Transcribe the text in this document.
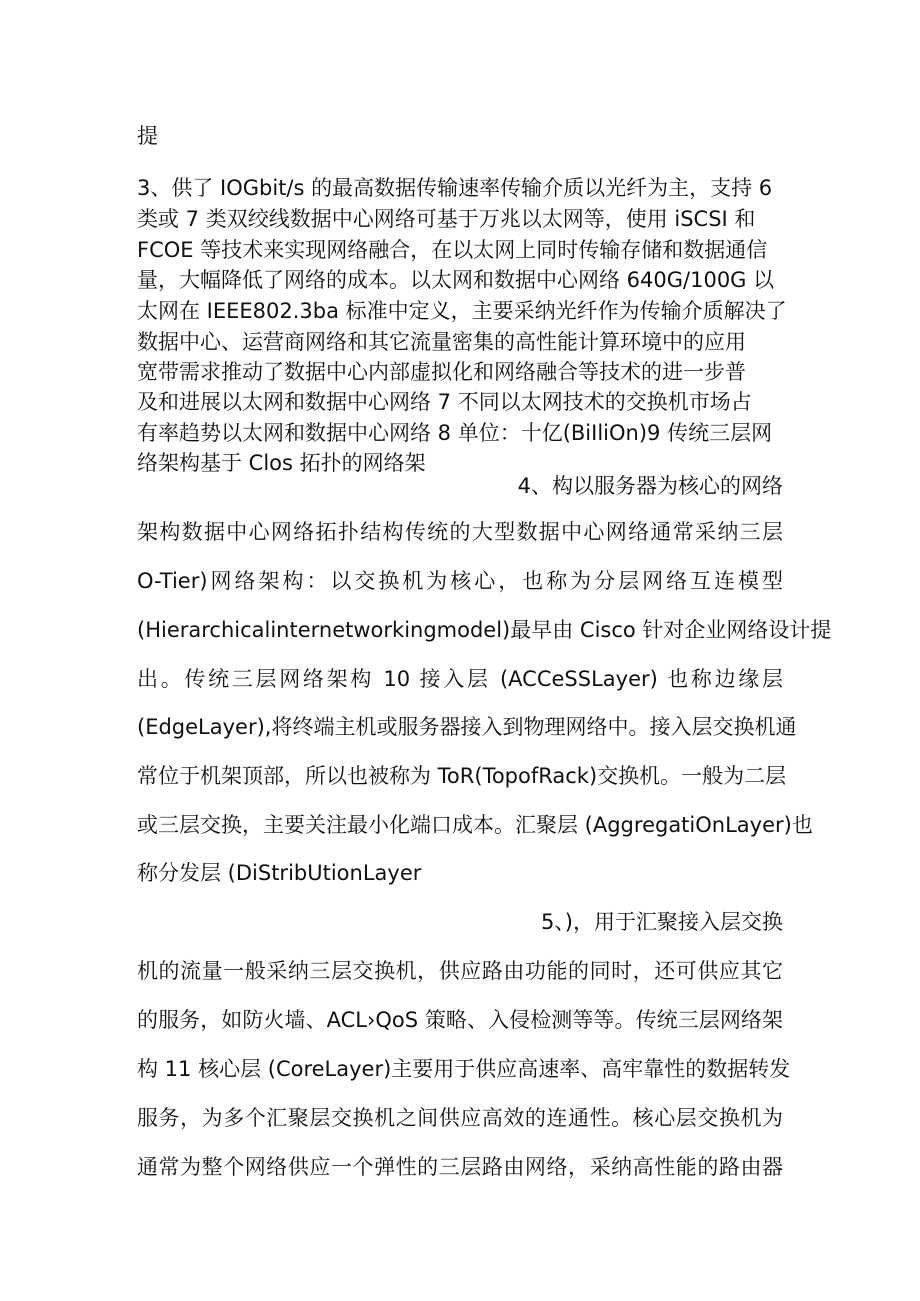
提
3、供了 IOGbit/s 的最高数据传输速率传输介质以光纤为主，支持 6
类或 7 类双绞线数据中心网络可基于万兆以太网等，使用 iSCSI 和
FCOE 等技术来实现网络融合，在以太网上同时传输存储和数据通信
量，大幅降低了网络的成本。以太网和数据中心网络 640G/100G 以
太网在 IEEE802.3ba 标准中定义，主要采纳光纤作为传输介质解决了
数据中心、运营商网络和其它流量密集的高性能计算环境中的应用
宽带需求推动了数据中心内部虚拟化和网络融合等技术的进一步普
及和进展以太网和数据中心网络 7 不同以太网技术的交换机市场占
有率趋势以太网和数据中心网络 8 单位：十亿(BiIliOn)9 传统三层网
络架构基于 Clos 拓扑的网络架
4、构以服务器为核心的网络
架构数据中心网络拓扑结构传统的大型数据中心网络通常采纳三层
O-Tier)网络架构：以交换机为核心，也称为分层网络互连模型
(Hierarchicalinternetworkingmodel)最早由 Cisco 针对企业网络设计提
出。传统三层网络架构 10 接入层 (ACCeSSLayer) 也称边缘层
(EdgeLayer),将终端主机或服务器接入到物理网络中。接入层交换机通
常位于机架顶部，所以也被称为 ToR(TopofRack)交换机。一般为二层
或三层交换，主要关注最小化端口成本。汇聚层 (AggregatiOnLayer)也
称分发层 (DiStribUtionLayer
5、)，用于汇聚接入层交换
机的流量一般采纳三层交换机，供应路由功能的同时，还可供应其它
的服务，如防火墙、ACL›QoS 策略、入侵检测等等。传统三层网络架
构 11 核心层 (CoreLayer)主要用于供应高速率、高牢靠性的数据转发
服务，为多个汇聚层交换机之间供应高效的连通性。核心层交换机为
通常为整个网络供应一个弹性的三层路由网络，采纳高性能的路由器
